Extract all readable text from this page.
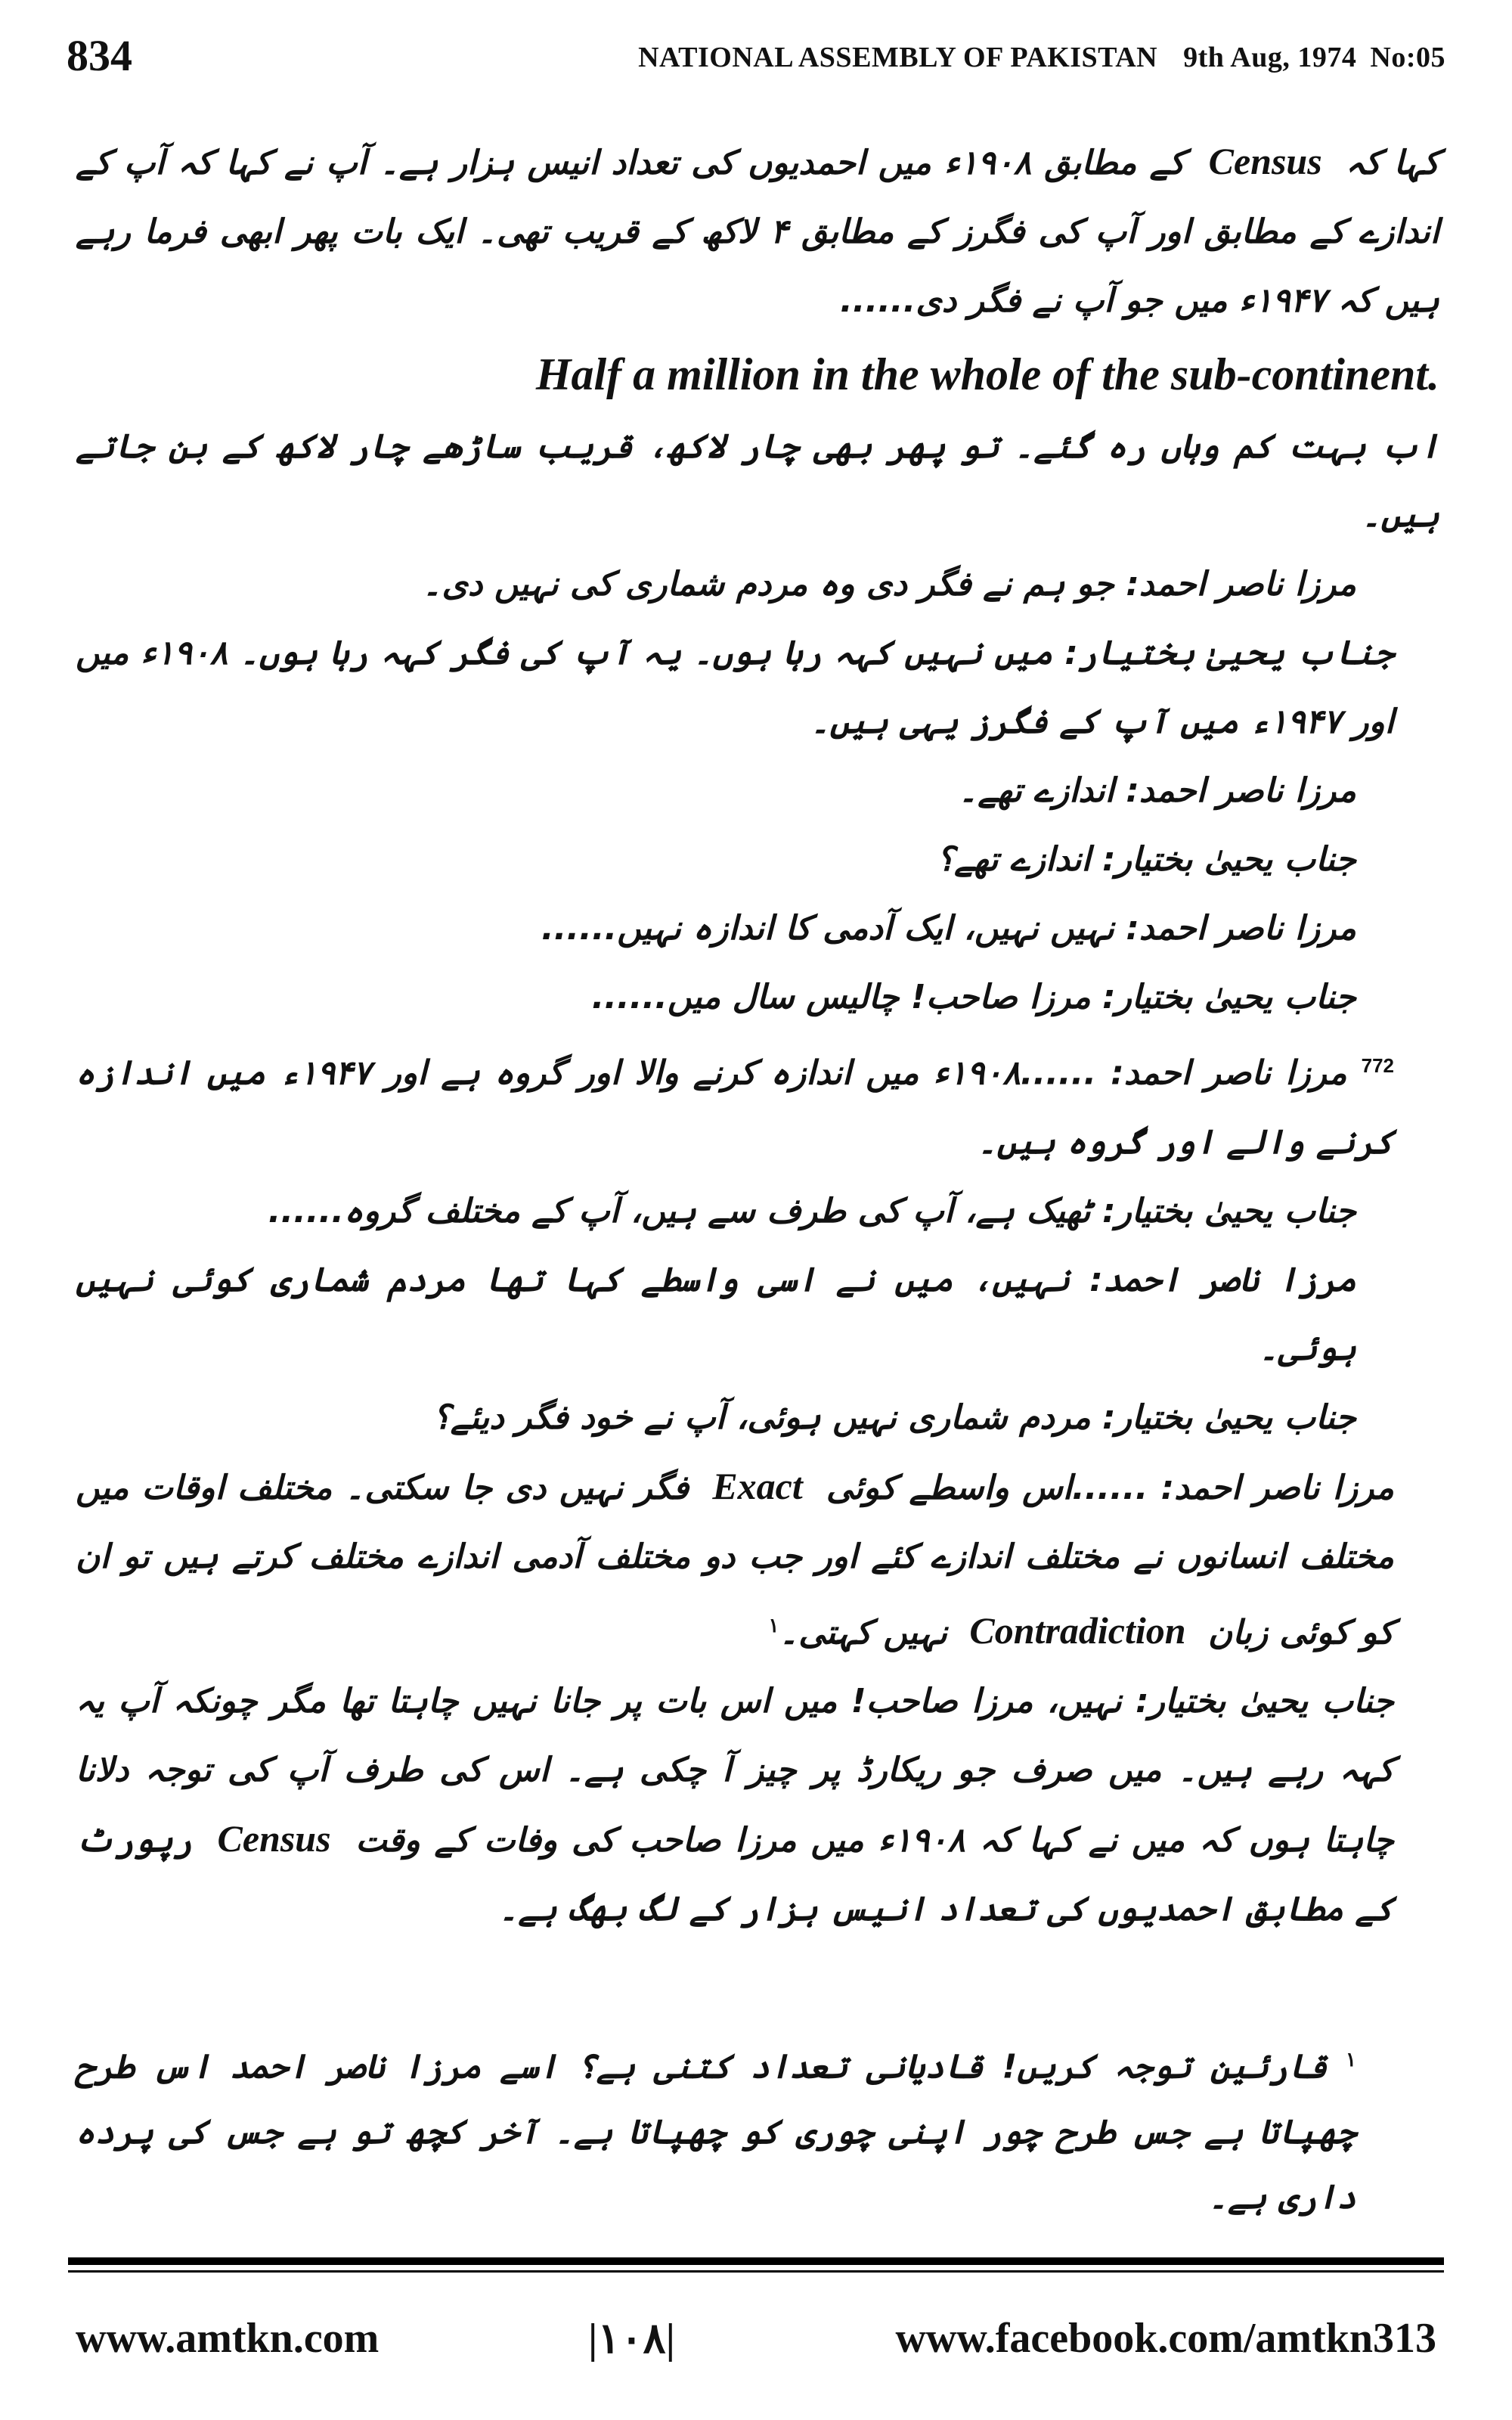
834	NATIONAL ASSEMBLY OF PAKISTAN 9th Aug, 1974 No:05

کہا کہ Census کے مطابق ۱۹۰۸ء میں احمدیوں کی تعداد انیس ہزار ہے۔ آپ نے کہا کہ آپ کے اندازے کے مطابق اور آپ کی فگرز کے مطابق ۴ لاکھ کے قریب تھی۔ ایک بات پھر ابھی فرما رہے ہیں کہ ۱۹۴۷ء میں جو آپ نے فگر دی......

Half a million in the whole of the sub-continent.

اب بہت کم وہاں رہ گئے۔ تو پھر بھی چار لاکھ، قریب ساڑھے چار لاکھ کے بن جاتے ہیں۔

مرزا ناصر احمد: جو ہم نے فگر دی وہ مردم شماری کی نہیں دی۔

جناب یحییٰ بختیار: میں نہیں کہہ رہا ہوں۔ یہ آپ کی فگر کہہ رہا ہوں۔ ۱۹۰۸ء میں اور ۱۹۴۷ء میں آپ کے فگرز یہی ہیں۔

مرزا ناصر احمد: اندازے تھے۔

جناب یحییٰ بختیار: اندازے تھے؟

مرزا ناصر احمد: نہیں نہیں، ایک آدمی کا اندازہ نہیں......

جناب یحییٰ بختیار: مرزا صاحب! چالیس سال میں......

$^{772}$ مرزا ناصر احمد: ......۱۹۰۸ء میں اندازہ کرنے والا اور گروہ ہے اور ۱۹۴۷ء میں اندازہ کرنے والے اور گروہ ہیں۔

جناب یحییٰ بختیار: ٹھیک ہے، آپ کی طرف سے ہیں، آپ کے مختلف گروہ......

مرزا ناصر احمد: نہیں، میں نے اسی واسطے کہا تھا مردم شماری کوئی نہیں ہوئی۔

جناب یحییٰ بختیار: مردم شماری نہیں ہوئی، آپ نے خود فگر دیئے؟

مرزا ناصر احمد: ......اس واسطے کوئی Exact فگر نہیں دی جا سکتی۔ مختلف اوقات میں مختلف انسانوں نے مختلف اندازے کئے اور جب دو مختلف آدمی اندازے مختلف کرتے ہیں تو ان کو کوئی زبان Contradiction نہیں کہتی۔$^۱$

جناب یحییٰ بختیار: نہیں، مرزا صاحب! میں اس بات پر جانا نہیں چاہتا تھا مگر چونکہ آپ یہ کہہ رہے ہیں۔ میں صرف جو ریکارڈ پر چیز آ چکی ہے۔ اس کی طرف آپ کی توجہ دلانا چاہتا ہوں کہ میں نے کہا کہ ۱۹۰۸ء میں مرزا صاحب کی وفات کے وقت Census رپورٹ کے مطابق احمدیوں کی تعداد انیس ہزار کے لگ بھگ ہے۔

$^۱$ قارئین توجہ کریں! قادیانی تعداد کتنی ہے؟ اسے مرزا ناصر احمد اس طرح چھپاتا ہے جس طرح چور اپنی چوری کو چھپاتا ہے۔ آخر کچھ تو ہے جس کی پردہ داری ہے۔

www.amtkn.com	|۱۰۸|	www.facebook.com/amtkn313
